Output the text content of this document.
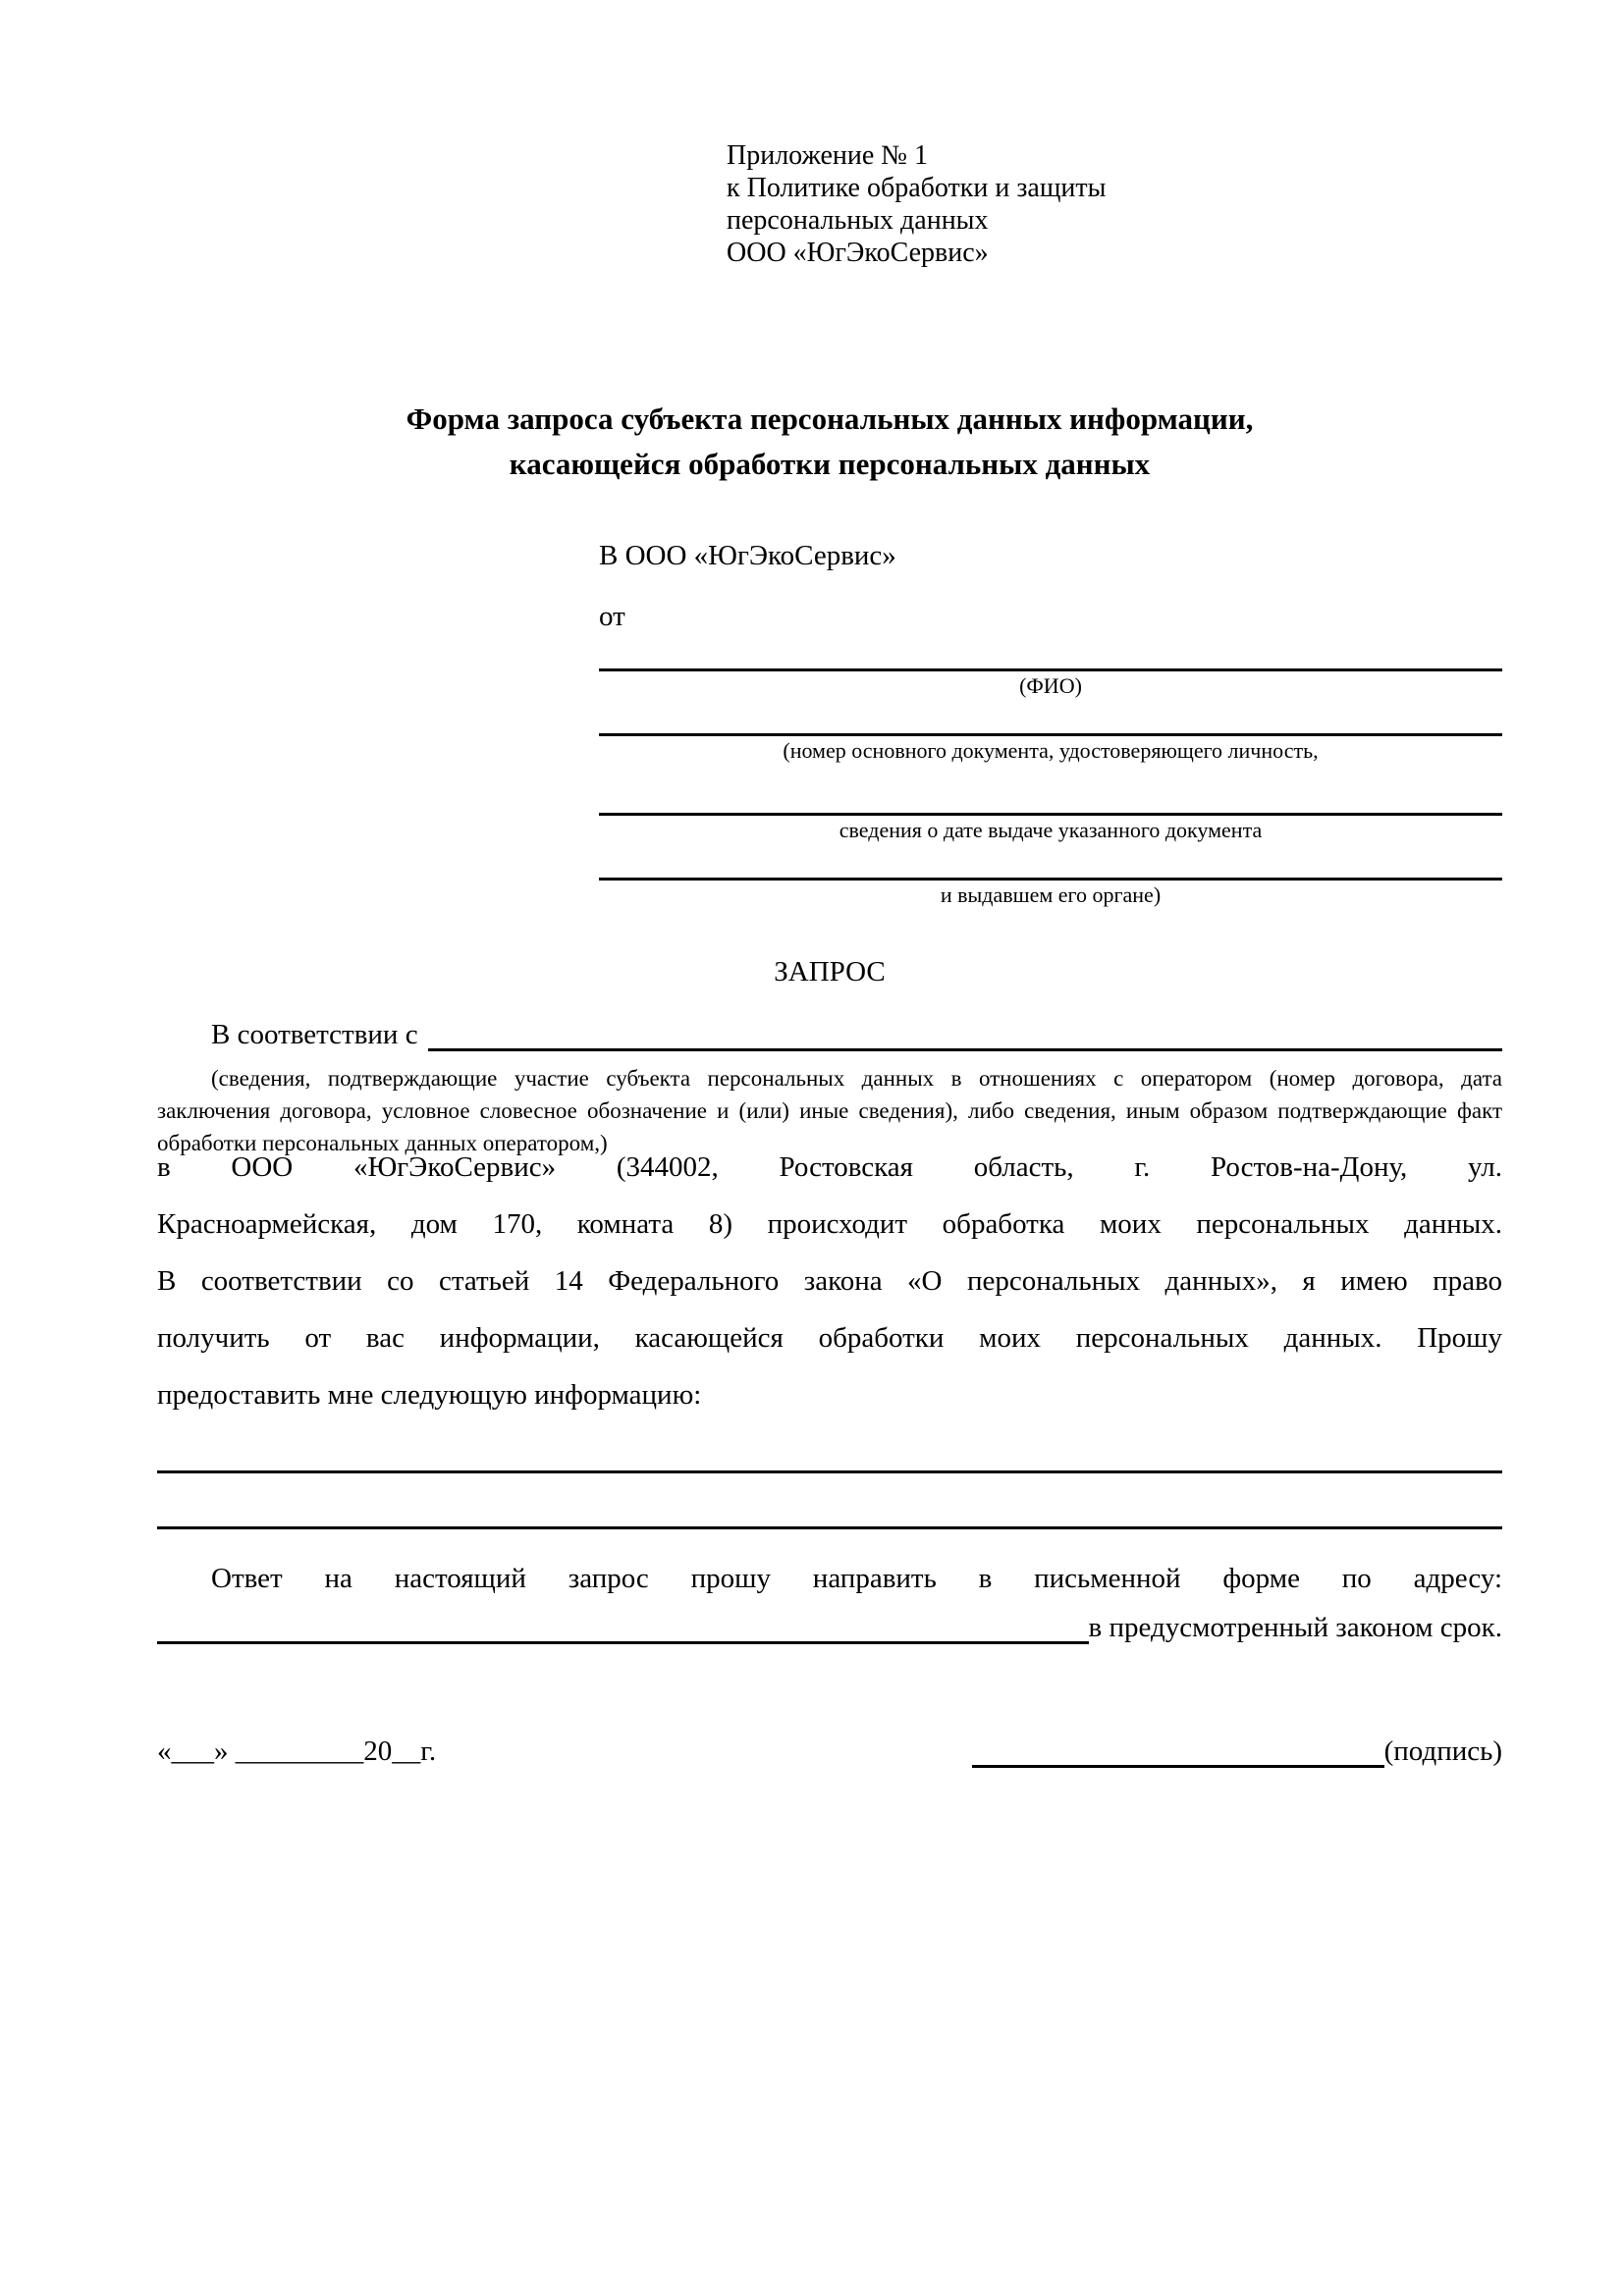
Приложение № 1
к Политике обработки и защиты
персональных данных
ООО «ЮгЭкоСервис»
Форма запроса субъекта персональных данных информации,
касающейся обработки персональных данных
В ООО «ЮгЭкоСервис»
от
(ФИО)
(номер основного документа, удостоверяющего личность,
сведения о дате выдаче указанного документа
и выдавшем его органе)
ЗАПРОС
В соответствии с
(сведения, подтверждающие участие субъекта персональных данных в отношениях с оператором (номер договора, дата
заключения договора, условное словесное обозначение и (или) иные сведения), либо сведения, иным образом подтверждающие факт
обработки персональных данных оператором,)
в ООО «ЮгЭкоСервис» (344002, Ростовская область, г. Ростов-на-Дону, ул.
Красноармейская, дом 170, комната 8) происходит обработка моих персональных данных.
В соответствии со статьей 14 Федерального закона «О персональных данных», я имею право
получить от вас информации, касающейся обработки моих персональных данных. Прошу
предоставить мне следующую информацию:
Ответ на настоящий запрос прошу направить в письменной форме по адресу:
в предусмотренный законом срок.
«___» _________20__г.	(подпись)
